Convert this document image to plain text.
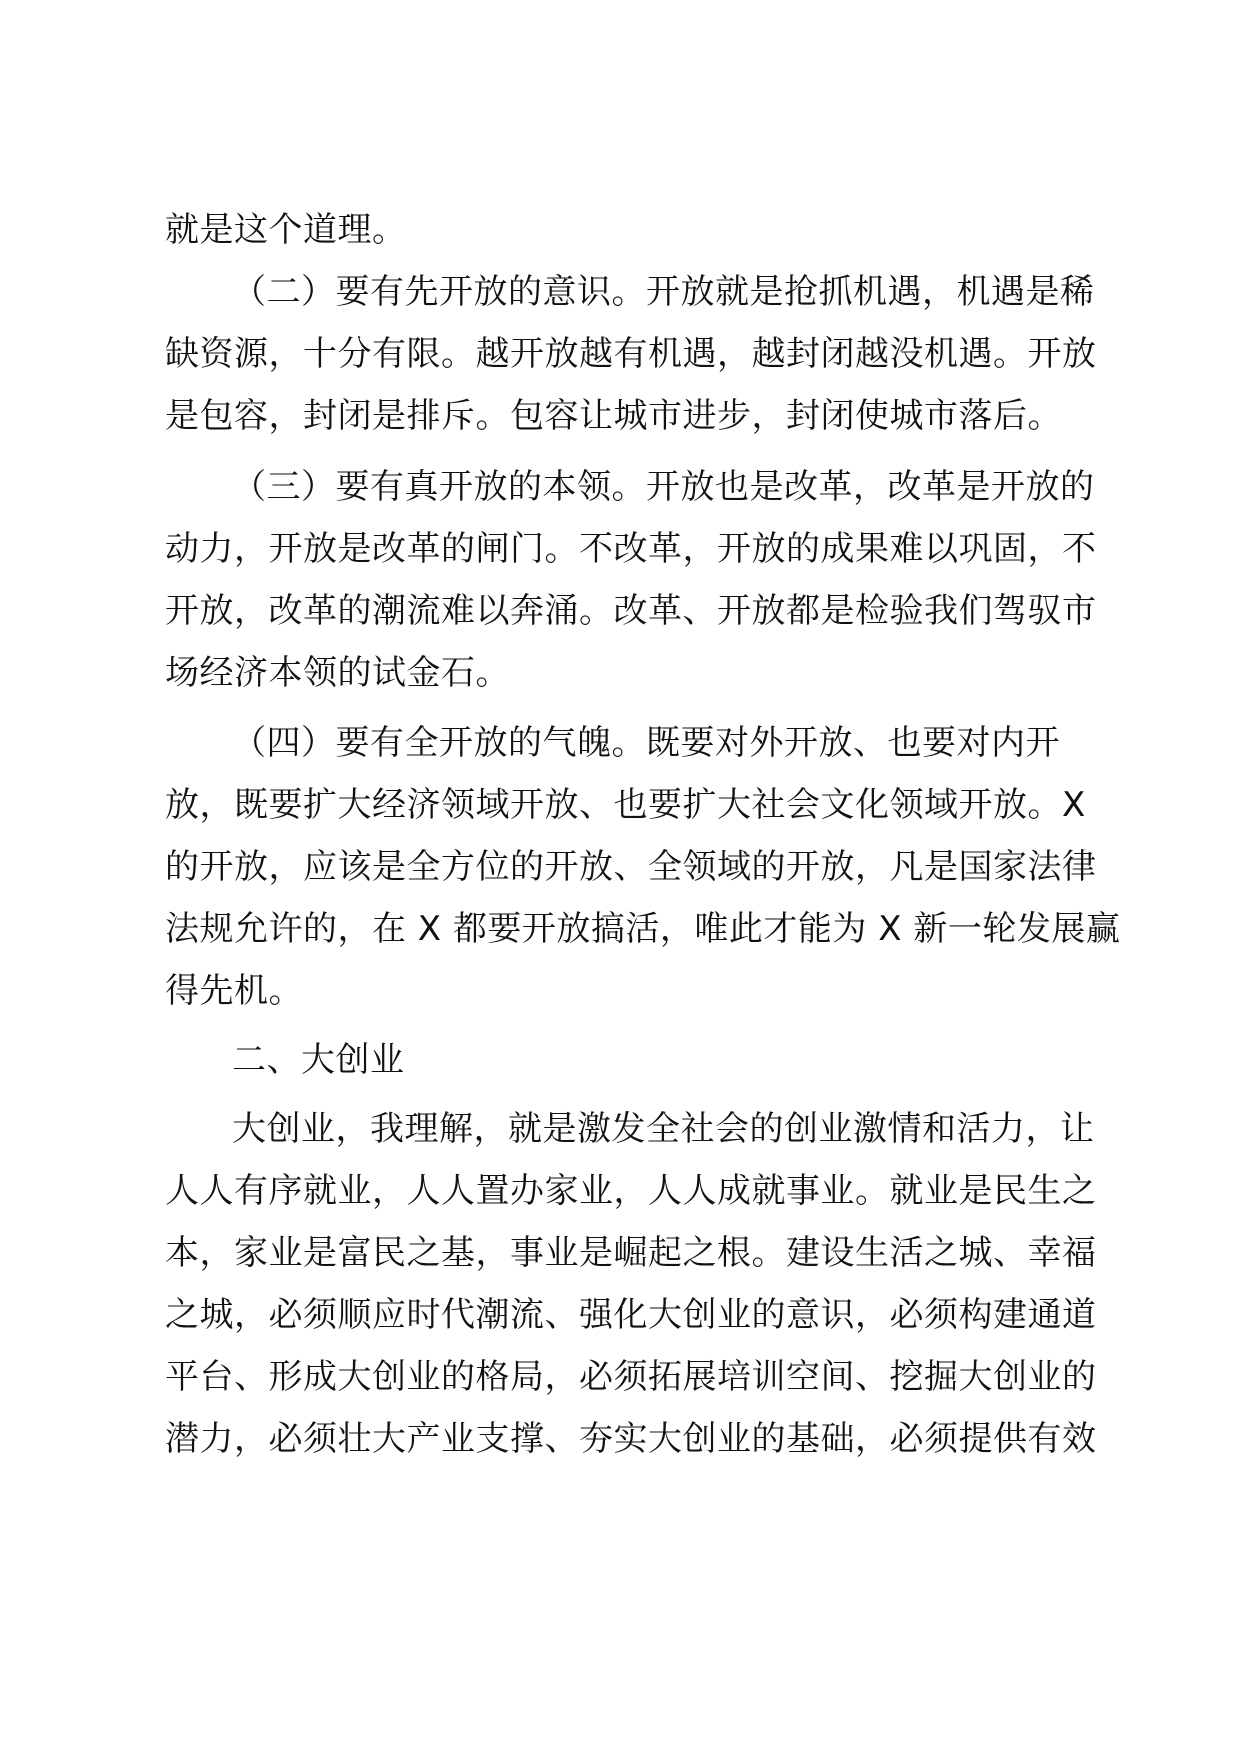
就是这个道理。
（二）要有先开放的意识。开放就是抢抓机遇，机遇是稀
缺资源，十分有限。越开放越有机遇，越封闭越没机遇。开放
是包容，封闭是排斥。包容让城市进步，封闭使城市落后。
（三）要有真开放的本领。开放也是改革，改革是开放的
动力，开放是改革的闸门。不改革，开放的成果难以巩固，不
开放，改革的潮流难以奔涌。改革、开放都是检验我们驾驭市
场经济本领的试金石。
（四）要有全开放的气魄。既要对外开放、也要对内开
放，既要扩大经济领域开放、也要扩大社会文化领域开放。X
的开放，应该是全方位的开放、全领域的开放，凡是国家法律
法规允许的，在 X 都要开放搞活，唯此才能为 X 新一轮发展赢
得先机。
二、大创业
大创业，我理解，就是激发全社会的创业激情和活力，让
人人有序就业，人人置办家业，人人成就事业。就业是民生之
本，家业是富民之基，事业是崛起之根。建设生活之城、幸福
之城，必须顺应时代潮流、强化大创业的意识，必须构建通道
平台、形成大创业的格局，必须拓展培训空间、挖掘大创业的
潜力，必须壮大产业支撑、夯实大创业的基础，必须提供有效
